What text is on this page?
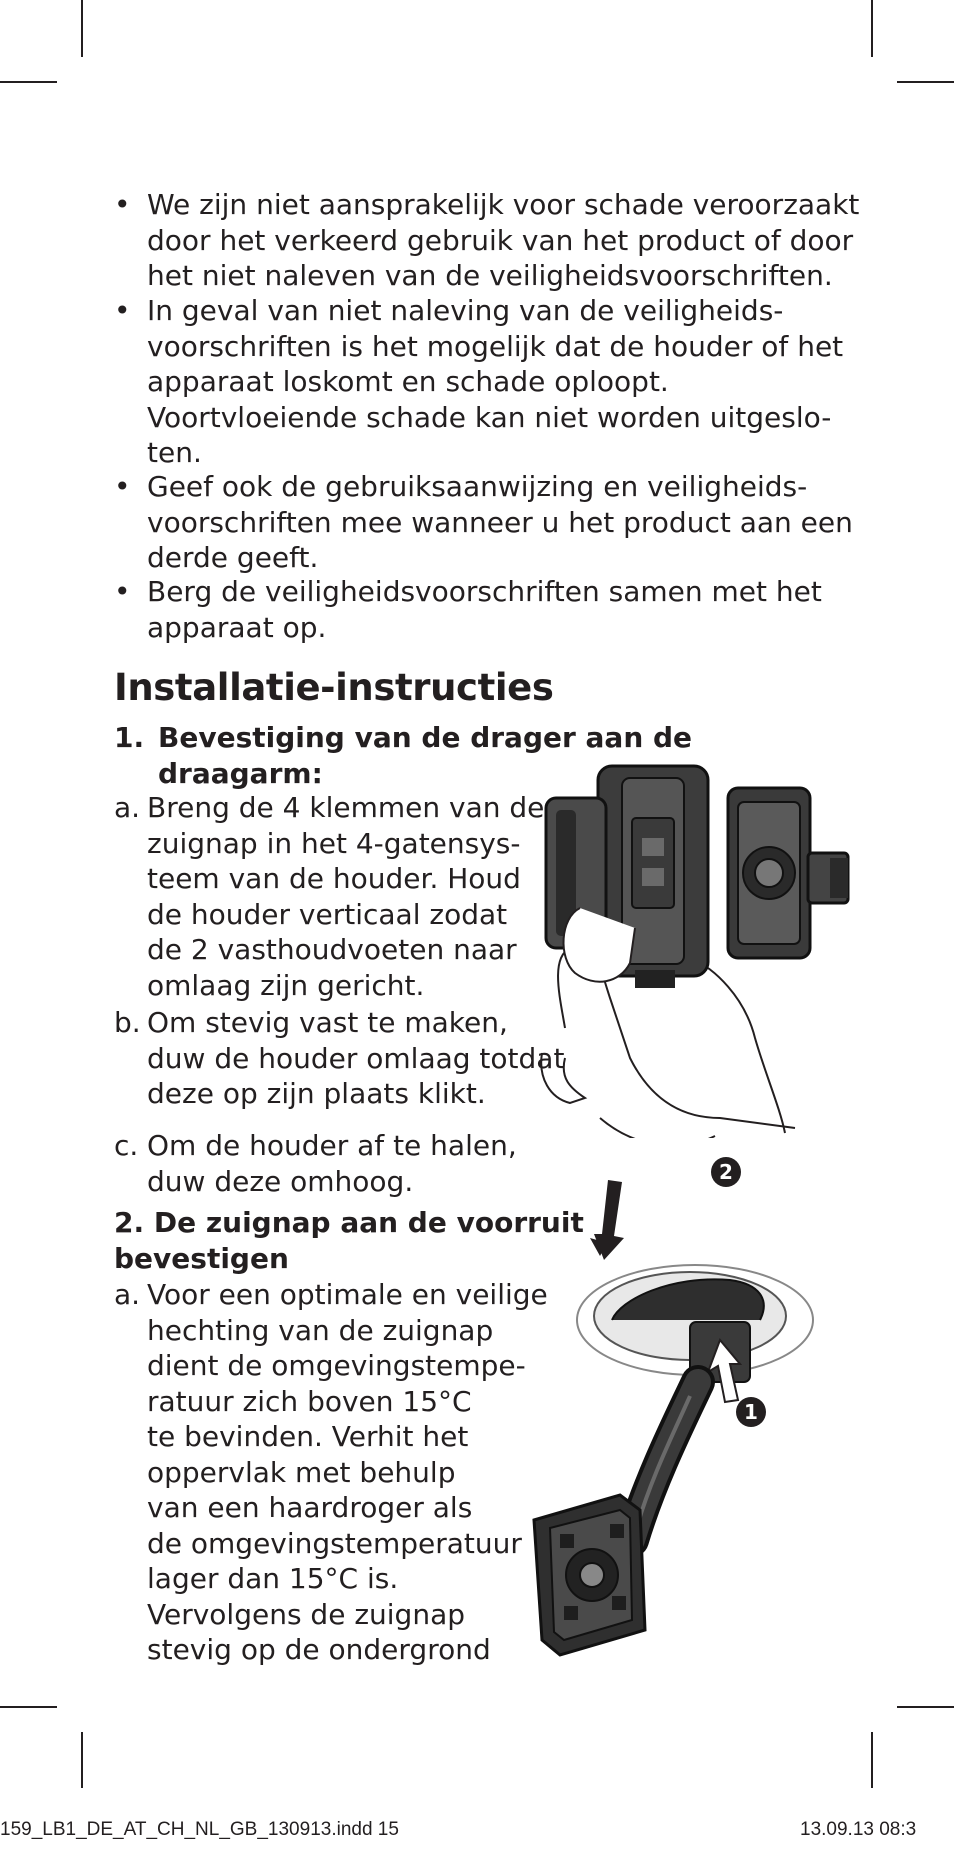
• We zijn niet aansprakelijk voor schade veroorzaakt
door het verkeerd gebruik van het product of door
het niet naleven van de veiligheidsvoorschriften.
• In geval van niet naleving van de veiligheids-
voorschriften is het mogelijk dat de houder of het
apparaat loskomt en schade oploopt.
Voortvloeiende schade kan niet worden uitgeslo-
ten.
• Geef ook de gebruiksaanwijzing en veiligheids-
voorschriften mee wanneer u het product aan een
derde geeft.
• Berg de veiligheidsvoorschriften samen met het
apparaat op.
Installatie-instructies
1. Bevestiging van de drager aan de
draagarm:
a. Breng de 4 klemmen van de
zuignap in het 4-gatensys-
teem van de houder. Houd
de houder verticaal zodat
de 2 vasthoudvoeten naar
omlaag zijn gericht.
b. Om stevig vast te maken,
duw de houder omlaag totdat
deze op zijn plaats klikt.
c. Om de houder af te halen,
duw deze omhoog.
2. De zuignap aan de voorruit
bevestigen
a. Voor een optimale en veilige
hechting van de zuignap
dient de omgevingstempe-
ratuur zich boven 15°C
te bevinden. Verhit het
oppervlak met behulp
van een haardroger als
de omgevingstemperatuur
lager dan 15°C is.
Vervolgens de zuignap
stevig op de ondergrond
2
1
159_LB1_DE_AT_CH_NL_GB_130913.indd 15	13.09.13 08:3
